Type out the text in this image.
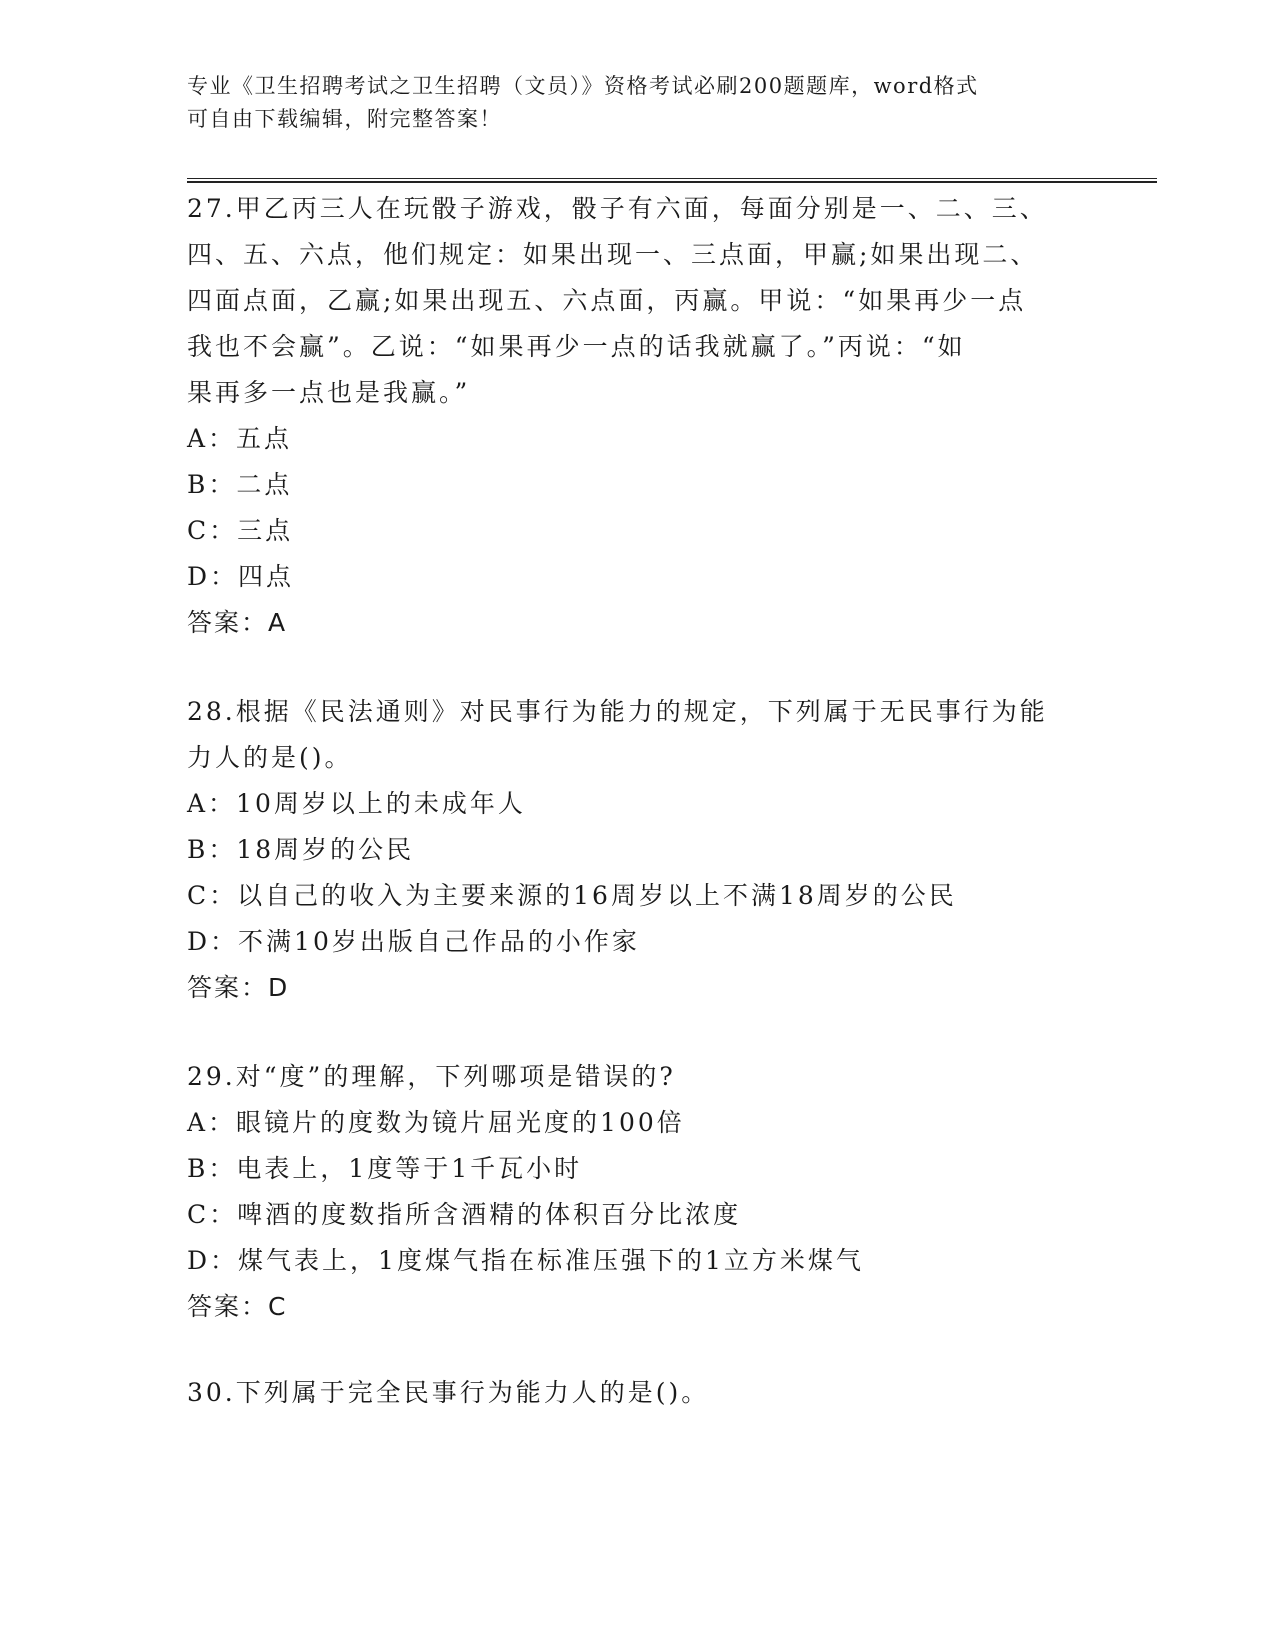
专业《卫生招聘考试之卫生招聘（文员）》资格考试必刷200题题库，word格式
可自由下载编辑，附完整答案！
27.甲乙丙三人在玩骰子游戏，骰子有六面，每面分别是一、二、三、
四、五、六点，他们规定：如果出现一、三点面，甲赢;如果出现二、
四面点面，乙赢;如果出现五、六点面，丙赢。甲说：“如果再少一点
我也不会赢”。乙说：“如果再少一点的话我就赢了。”丙说：“如
果再多一点也是我赢。”
A：五点
B：二点
C：三点
D：四点
答案：A
28.根据《民法通则》对民事行为能力的规定，下列属于无民事行为能
力人的是()。
A：10周岁以上的未成年人
B：18周岁的公民
C：以自己的收入为主要来源的16周岁以上不满18周岁的公民
D：不满10岁出版自己作品的小作家
答案：D
29.对“度”的理解，下列哪项是错误的?
A：眼镜片的度数为镜片屈光度的100倍
B：电表上，1度等于1千瓦小时
C：啤酒的度数指所含酒精的体积百分比浓度
D：煤气表上，1度煤气指在标准压强下的1立方米煤气
答案：C
30.下列属于完全民事行为能力人的是()。
